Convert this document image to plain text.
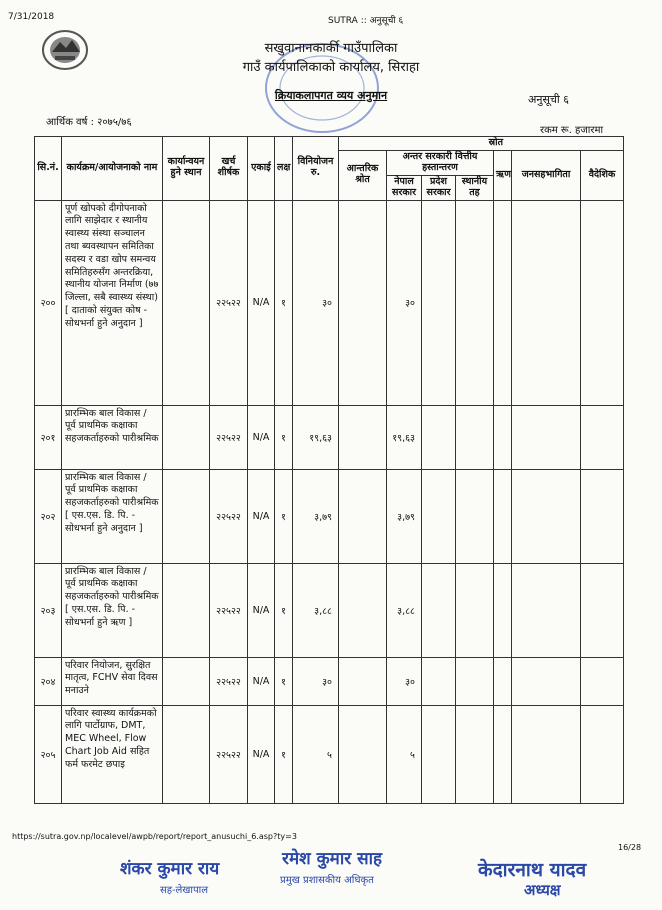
7/31/2018	SUTRA :: अनुसूची ६
सखुवानानकार्की गाउँपालिका
गाउँ कार्यपालिकाको कार्यालय, सिराहा
क्रियाकलापगत व्यय अनुमान	अनुसूची ६
आर्थिक वर्ष : २०७५/७६
रकम रू. हजारमा
सि.नं.	कार्यक्रम/आयोजनाको नाम	कार्यान्वयन हुने स्थान	खर्च शीर्षक	एकाई	लक्ष	विनियोजन रु.	स्रोत						
							आन्तरिक श्रोत	अन्तर सरकारी वित्तीय हस्तान्तरण			ऋण	जनसहभागिता	वैदेशिक
								नेपाल सरकार	प्रदेश सरकार	स्थानीय तह			
२००	पूर्ण खोपको दीगोपनाको लागि साझेदार र स्थानीय स्वास्थ्य संस्था सञ्चालन तथा ब्यवस्थापन समितिका सदस्य र वडा खोप समन्वय समितिहरुसँग अन्तरक्रिया, स्थानीय योजना निर्माण (७७ जिल्ला, सबै स्वास्थ्य संस्था) [ दाताको संयुक्त कोष - सोधभर्ना हुने अनुदान ]		२२५२२	N/A	१	३०		३०					
२०१	प्रारम्भिक बाल विकास / पूर्व प्राथमिक कक्षाका सहजकर्ताहरुको पारीश्रमिक		२२५२२	N/A	१	१९,६३		१९,६३					
२०२	प्रारम्भिक बाल विकास / पूर्व प्राथमिक कक्षाका सहजकर्ताहरुको पारीश्रमिक [ एस.एस. डि. पि. - सोधभर्ना हुने अनुदान ]		२२५२२	N/A	१	३,७९		३,७९					
२०३	प्रारम्भिक बाल विकास / पूर्व प्राथमिक कक्षाका सहजकर्ताहरुको पारीश्रमिक [ एस.एस. डि. पि. - सोधभर्ना हुने ऋण ]		२२५२२	N/A	१	३,८८		३,८८					
२०४	परिवार नियोजन, सुरक्षित मातृत्व, FCHV सेवा दिवस मनाउने		२२५२२	N/A	१	३०		३०					
२०५	परिवार स्वास्थ्य कार्यक्रमको लागि पार्टोग्राफ, DMT, MEC Wheel, Flow Chart Job Aid सहित फर्म फरमेट छपाइ		२२५२२	N/A	१	५		५					
https://sutra.gov.np/localevel/awpb/report/report_anusuchi_6.asp?ty=3
16/28
शंकर कुमार राय
सह-लेखापाल
रमेश कुमार साह
प्रमुख प्रशासकीय अधिकृत	केदारनाथ यादव
अध्यक्ष
